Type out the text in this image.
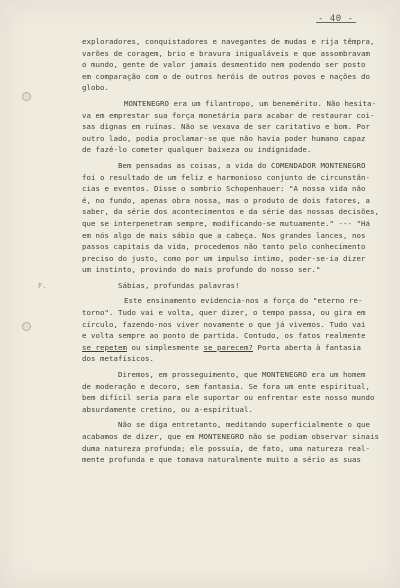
- 40 -
F.
exploradores, conquistadores e navegantes de mudas e rija têmpra,
varões de coragem, brio e bravura inigualáveis e que assombravam
o mundo, gente de valor jamais desmentido nem podendo ser posto
em comparação com o de outros heróis de outros povos e nações do
globo.
MONTENEGRO era um filantropo, um benemérito. Não hesita-
va em emprestar sua força monetária para acabar de restaurar coi-
sas dignas em ruínas. Não se vexava de ser caritativo e bom. Por
outro lado, podia proclamar-se que não havia poder humano capaz
de fazê-lo cometer qualquer baixeza ou indignidade.
Bem pensadas as coisas, a vida do COMENDADOR MONTENEGRO
foi o resultado de um feliz e harmonioso conjunto de circunstân-
cias e eventos. Disse o sombrio Schopenhauer: "A nossa vida não
é, no fundo, apenas obra nossa, mas o produto de dois fatores, a
saber, da série dos acontecimentos e da série das nossas decisões,
que se interpenetram sempre, modificando-se mutuamente." --- "Há
em nós algo de mais sábio que a cabeça. Nos grandes lances, nos
passos capitais da vida, procedemos não tanto pelo conhecimento
preciso do justo, como por um impulso íntimo, poder-se-ia dizer
um instinto, provindo do mais profundo do nosso ser."
Sábias, profundas palavras!
Este ensinamento evidencia-nos a força do "eterno re-
torno". Tudo vai e volta, quer dizer, o tempo passa, ou gira em
círculo, fazendo-nos viver novamente o que já vivemos. Tudo vai
e volta sempre ao ponto de partida. Contudo, os fatos realmente
se repetem ou simplesmente se parecem? Porta aberta à fantasia
dos metafísicos.
Diremos, em prosseguimento, que MONTENEGRO era um homem
de moderação e decoro, sem fantasia. Se fora um ente espiritual,
bem difícil seria para ele suportar ou enfrentar este nosso mundo
absurdamente cretino, ou a-espiritual.
Não se diga entretanto, meditando superficialmente o que
acabamos de dizer, que em MONTENEGRO não se podiam observar sinais
duma natureza profunda; ele possuía, de fato, uma natureza real-
mente profunda e que tomava naturalmente muito a sério as suas
